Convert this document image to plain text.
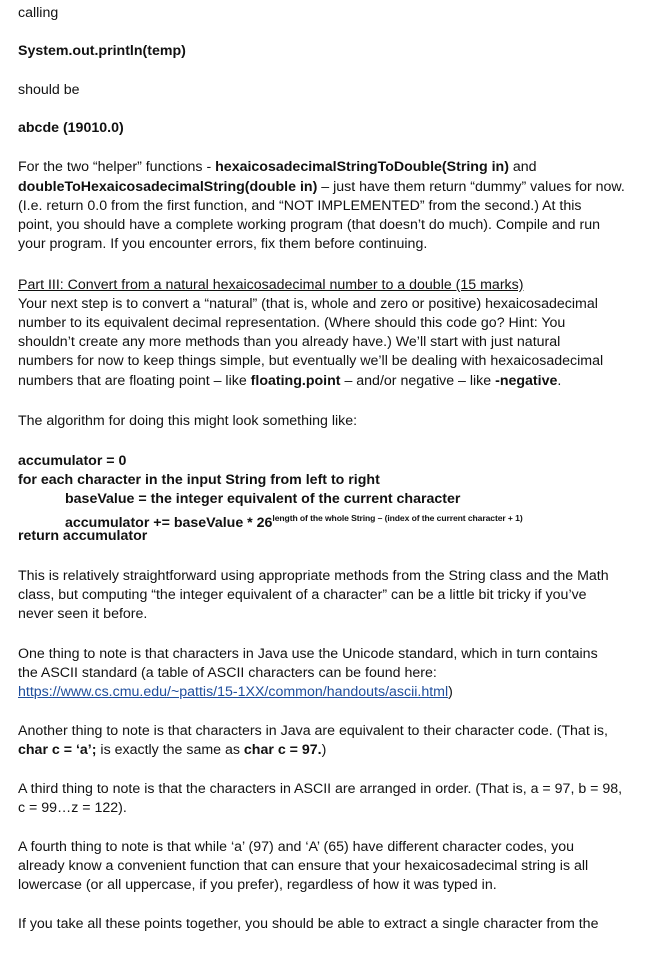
calling
System.out.println(temp)
should be
abcde (19010.0)
For the two “helper” functions - hexaicosadecimalStringToDouble(String in) and
doubleToHexaicosadecimalString(double in) – just have them return “dummy” values for now.
(I.e. return 0.0 from the first function, and “NOT IMPLEMENTED” from the second.) At this
point, you should have a complete working program (that doesn’t do much). Compile and run
your program. If you encounter errors, fix them before continuing.
Part III: Convert from a natural hexaicosadecimal number to a double (15 marks)
Your next step is to convert a “natural” (that is, whole and zero or positive) hexaicosadecimal
number to its equivalent decimal representation. (Where should this code go? Hint: You
shouldn’t create any more methods than you already have.) We’ll start with just natural
numbers for now to keep things simple, but eventually we’ll be dealing with hexaicosadecimal
numbers that are floating point – like floating.point – and/or negative – like -negative.
The algorithm for doing this might look something like:
accumulator = 0
for each character in the input String from left to right
baseValue = the integer equivalent of the current character
accumulator += baseValue * $26^{length of the whole String - (index of the current character + 1)}$
return accumulator
This is relatively straightforward using appropriate methods from the String class and the Math
class, but computing “the integer equivalent of a character” can be a little bit tricky if you’ve
never seen it before.
One thing to note is that characters in Java use the Unicode standard, which in turn contains
the ASCII standard (a table of ASCII characters can be found here:
https://www.cs.cmu.edu/~pattis/15-1XX/common/handouts/ascii.html)
Another thing to note is that characters in Java are equivalent to their character code. (That is,
char c = ‘a’; is exactly the same as char c = 97.)
A third thing to note is that the characters in ASCII are arranged in order. (That is, a = 97, b = 98,
c = 99…z = 122).
A fourth thing to note is that while ‘a’ (97) and ‘A’ (65) have different character codes, you
already know a convenient function that can ensure that your hexaicosadecimal string is all
lowercase (or all uppercase, if you prefer), regardless of how it was typed in.
If you take all these points together, you should be able to extract a single character from the
